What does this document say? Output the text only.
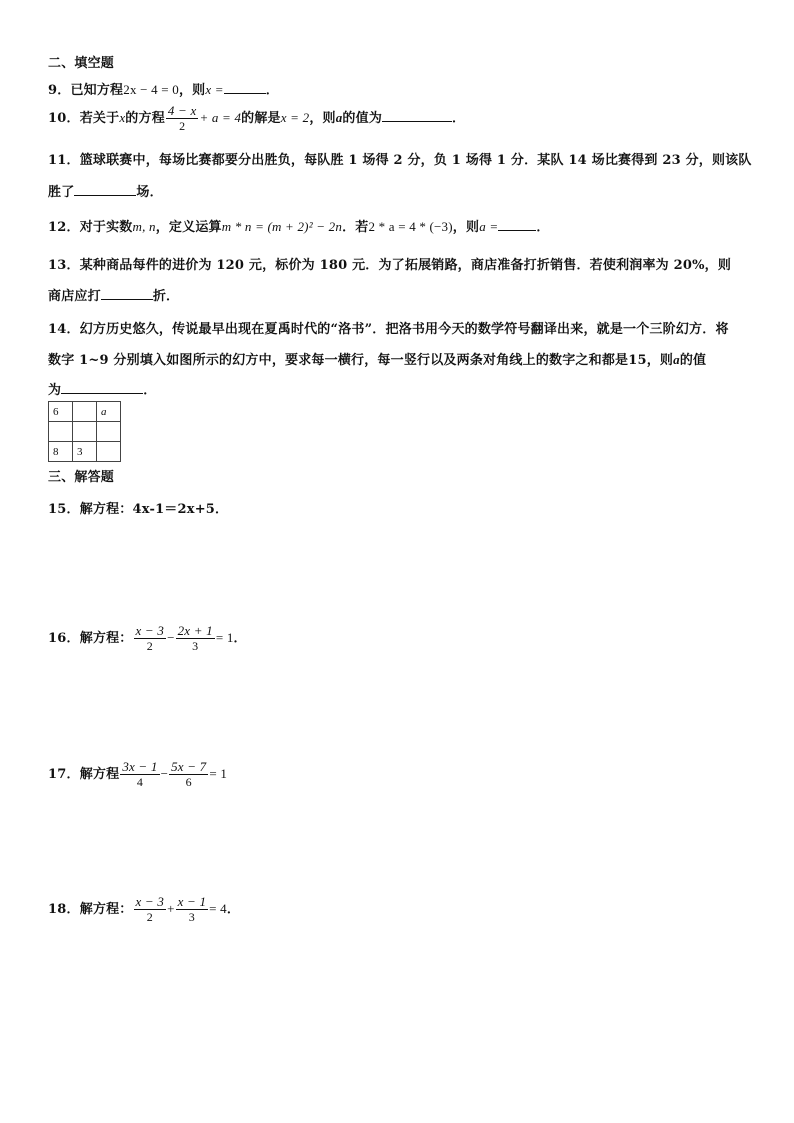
二、填空题
9．已知方程2x − 4 = 0，则x =	．
10．若关于x的方程 $\frac{4 - x}{2} + a = 4$的解是x = 2，则a的值为	．
11．篮球联赛中，每场比赛都要分出胜负，每队胜 1 场得 2 分，负 1 场得 1 分．某队 14 场比赛得到 23 分，则该队
胜了	场．
12．对于实数m, n，定义运算m * n = (m + 2)² − 2n．若2 * a = 4 * (−3)，则a =	．
13．某种商品每件的进价为 120 元，标价为 180 元．为了拓展销路，商店准备打折销售．若使利润率为 20%，则
商店应打	折．
14．幻方历史悠久，传说最早出现在夏禹时代的“洛书”．把洛书用今天的数学符号翻译出来，就是一个三阶幻方．将
数字 1~9 分别填入如图所示的幻方中，要求每一横行，每一竖行以及两条对角线上的数字之和都是15，则a的值
为	．
6		a

8	3	
三、解答题
15．解方程：4x-1＝2x+5．
16．解方程： $\frac{x - 3}{2} - \frac{2x + 1}{3} = 1$．
17．解方程 $\frac{3x - 1}{4} - \frac{5x - 7}{6} = 1$
18．解方程： $\frac{x - 3}{2} + \frac{x - 1}{3} = 4$．
